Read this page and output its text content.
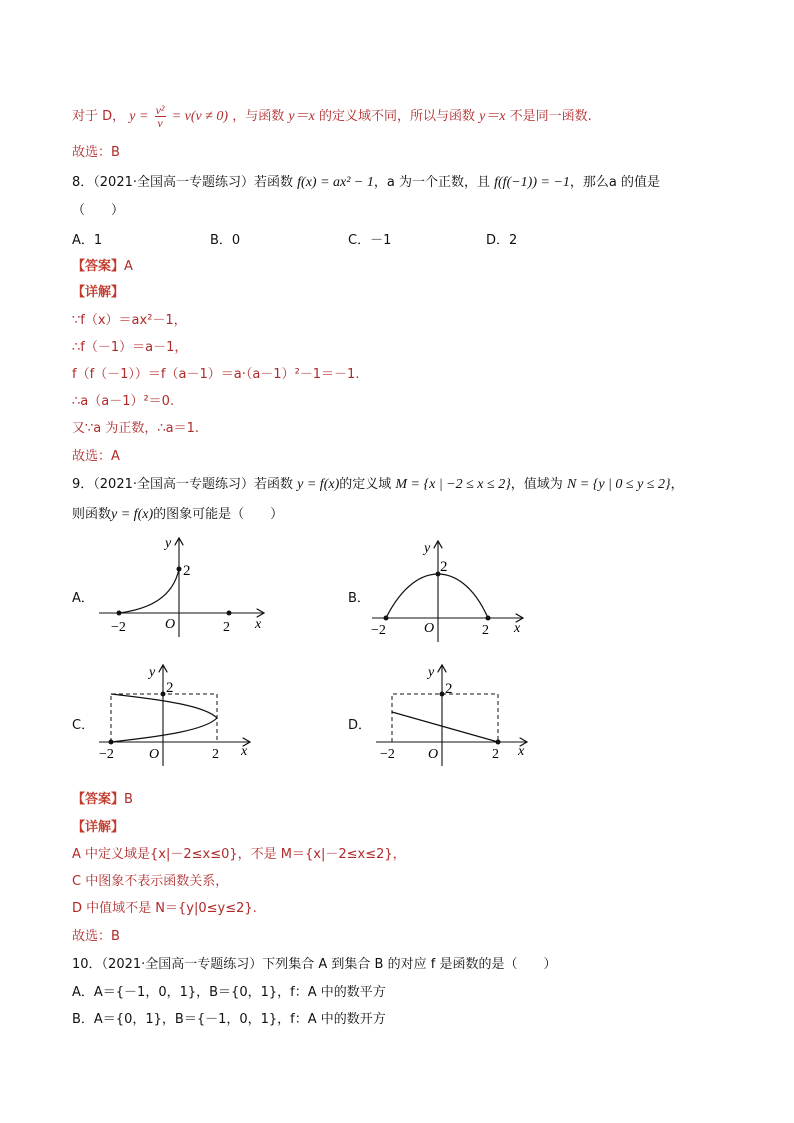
对于 D， $y = \frac{\text{v²}}{v} = v(v \ne 0)$ ，与函数 y＝x 的定义域不同，所以与函数 y＝x 不是同一函数.
故选：B
8．（2021·全国高一专题练习）若函数 f(x) = ax² − 1，a 为一个正数，且 f(f(−1)) = −1，那么a 的值是
（　　）
A．1	B．0	C．－1	D．2
【答案】A
【详解】
∵f（x）＝ax²－1，
∴f（－1）＝a－1，
f（f（－1））＝f（a－1）＝a·（a－1）²－1＝－1.
∴a（a－1）²＝0.
又∵a 为正数，∴a＝1.
故选：A
9．（2021·全国高一专题练习）若函数 y = f(x)的定义域 M = {x | −2 ≤ x ≤ 2}，值域为 N = {y | 0 ≤ y ≤ 2}，
则函数y = f(x)的图象可能是（　　）
A．	B．
C．	D．
y
2
−2	O	2 x
y
2
−2	O	2 x
y
2
−2	O	2 x
y
2
−2 O	2 x
【答案】B
【详解】
A 中定义域是{x|－2≤x≤0}，不是 M＝{x|－2≤x≤2}，
C 中图象不表示函数关系，
D 中值域不是 N＝{y|0≤y≤2}.
故选：B
10．（2021·全国高一专题练习）下列集合 A 到集合 B 的对应 f 是函数的是（　　）
A．A＝{－1，0，1}，B＝{0，1}，f：A 中的数平方
B．A＝{0，1}，B＝{－1，0，1}，f：A 中的数开方
